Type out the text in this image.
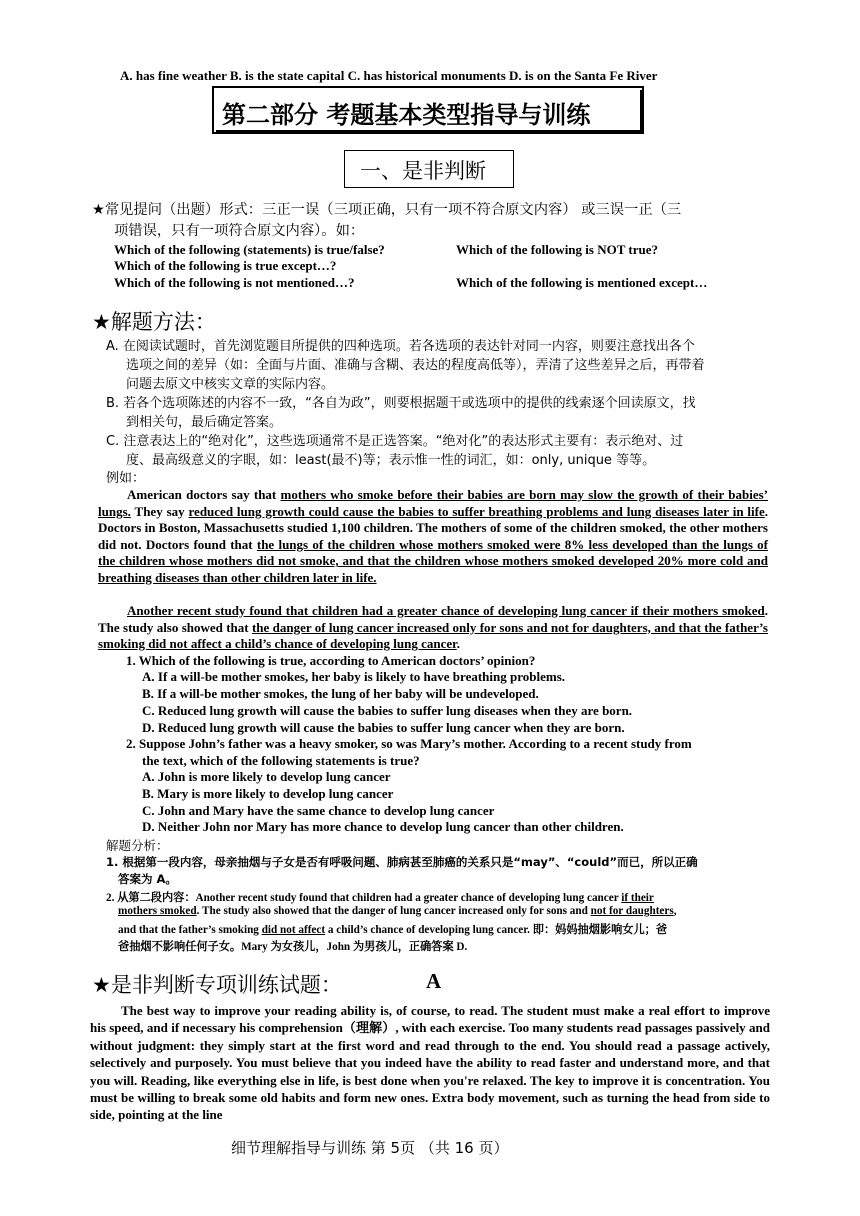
A. has fine weather B. is the state capital C. has historical monuments D. is on the Santa Fe River
第二部分 考题基本类型指导与训练
一、是非判断
★常见提问（出题）形式：三正一误（三项正确，只有一项不符合原文内容） 或三误一正（三
项错误，只有一项符合原文内容）。如：
Which of the following (statements) is true/false?	Which of the following is NOT true?
Which of the following is true except…?
Which of the following is not mentioned…?	Which of the following is mentioned except…
★解题方法：
A. 在阅读试题时，首先浏览题目所提供的四种选项。若各选项的表达针对同一内容，则要注意找出各个
选项之间的差异（如：全面与片面、准确与含糊、表达的程度高低等），弄清了这些差异之后，再带着
问题去原文中核实文章的实际内容。
B. 若各个选项陈述的内容不一致，“各自为政”，则要根据题干或选项中的提供的线索逐个回读原文，找
到相关句，最后确定答案。
C. 注意表达上的“绝对化”，这些选项通常不是正选答案。“绝对化”的表达形式主要有：表示绝对、过
度、最高级意义的字眼，如：least(最不)等；表示惟一性的词汇，如：only, unique 等等。
例如：
American doctors say that mothers who smoke before their babies are born may slow the growth of their babies’ lungs. They say reduced lung growth could cause the babies to suffer breathing problems and lung diseases later in life. Doctors in Boston, Massachusetts studied 1,100 children. The mothers of some of the children smoked, the other mothers did not. Doctors found that the lungs of the children whose mothers smoked were 8% less developed than the lungs of the children whose mothers did not smoke, and that the children whose mothers smoked developed 20% more cold and breathing diseases than other children later in life.
Another recent study found that children had a greater chance of developing lung cancer if their mothers smoked. The study also showed that the danger of lung cancer increased only for sons and not for daughters, and that the father’s smoking did not affect a child’s chance of developing lung cancer.
1. Which of the following is true, according to American doctors’ opinion?
A. If a will-be mother smokes, her baby is likely to have breathing problems.
B. If a will-be mother smokes, the lung of her baby will be undeveloped.
C. Reduced lung growth will cause the babies to suffer lung diseases when they are born.
D. Reduced lung growth will cause the babies to suffer lung cancer when they are born.
2. Suppose John’s father was a heavy smoker, so was Mary’s mother. According to a recent study from
the text, which of the following statements is true?
A. John is more likely to develop lung cancer
B. Mary is more likely to develop lung cancer
C. John and Mary have the same chance to develop lung cancer
D. Neither John nor Mary has more chance to develop lung cancer than other children.
解题分析：
1. 根据第一段内容，母亲抽烟与子女是否有呼吸问题、肺病甚至肺癌的关系只是“may”、“could”而已，所以正确
答案为 A。
2. 从第二段内容：Another recent study found that children had a greater chance of developing lung cancer if their
mothers smoked. The study also showed that the danger of lung cancer increased only for sons and not for daughters,
and that the father’s smoking did not affect a child’s chance of developing lung cancer. 即：妈妈抽烟影响女儿；爸
爸抽烟不影响任何子女。Mary 为女孩儿，John 为男孩儿，正确答案 D.
★是非判断专项训练试题：	A
The best way to improve your reading ability is, of course, to read. The student must make a real effort to improve his speed, and if necessary his comprehension（理解）, with each exercise. Too many students read passages passively and without judgment: they simply start at the first word and read through to the end. You should read a passage actively, selectively and purposely. You must believe that you indeed have the ability to read faster and understand more, and that you will. Reading, like everything else in life, is best done when you're relaxed. The key to improve it is concentration. You must be willing to break some old habits and form new ones. Extra body movement, such as turning the head from side to side, pointing at the line
细节理解指导与训练 第 5页 （共 16 页）
